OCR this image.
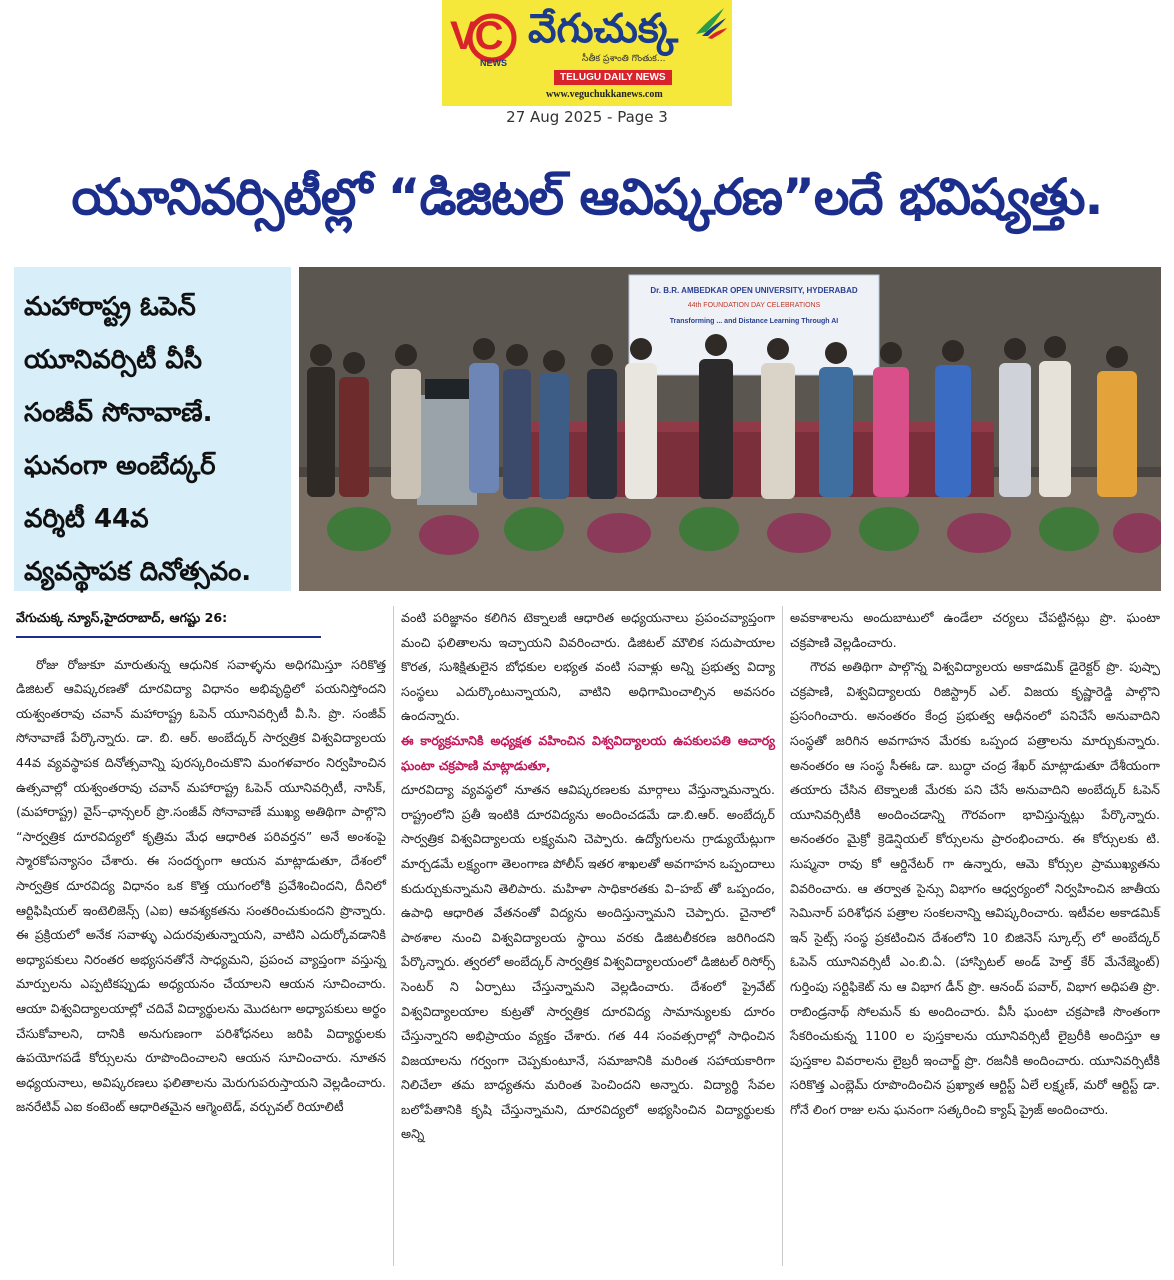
VC
NEWS
వేగుచుక్క
సీతీక ప్రశాంతి గొంతుక...
TELUGU DAILY NEWS
www.veguchukkanews.com
27 Aug 2025 - Page 3
యూనివర్సిటీల్లో “డిజిటల్ ఆవిష్కరణ”లదే భవిష్యత్తు.

మహారాష్ట్ర ఓపెన్

యూనివర్సిటీ వీసీ

సంజీవ్ సోనావాణే.

ఘనంగా అంబేద్కర్

వర్శిటీ 44వ

వ్యవస్థాపక దినోత్సవం.

Dr. B.R. AMBEDKAR OPEN UNIVERSITY, HYDERABAD
44th FOUNDATION DAY CELEBRATIONS
Transforming ... and Distance Learning Through AI

వేగుచుక్క న్యూస్,హైదరాబాద్, ఆగష్టు 26:

రోజు రోజుకూ మారుతున్న ఆధునిక సవాళ్ళను అధిగమిస్తూ సరికొత్త డిజిటల్ ఆవిష్కరణతో దూరవిద్యా విధానం అభివృద్ధిలో పయనిస్తోందని యశ్వంతరావు చవాన్ మహారాష్ట్ర ఓపెన్ యూనివర్సిటీ వీ.సి. ప్రొ. సంజీవ్ సోనావాణే పేర్కొన్నారు. డా. బి. ఆర్. అంబేద్కర్ సార్వత్రిక విశ్వవిద్యాలయ 44వ వ్యవస్థాపక దినోత్సవాన్ని పురస్కరించుకొని మంగళవారం నిర్వహించిన ఉత్సవాల్లో యశ్వంతరావు చవాన్ మహారాష్ట్ర ఓపెన్ యూనివర్సిటీ, నాసిక్, (మహారాష్ట్ర) వైస్–ఛాన్సలర్ ప్రొ.సంజీవ్ సోనావాణే ముఖ్య అతిథిగా పాల్గొని “సార్వత్రిక దూరవిద్యలో కృత్రిమ మేధ ఆధారిత పరివర్తన” అనే అంశంపై స్మారకోపన్యాసం చేశారు. ఈ సందర్భంగా ఆయన మాట్లాడుతూ, దేశంలో సార్వత్రిక దూరవిద్య విధానం ఒక కొత్త యుగంలోకి ప్రవేశించిందని, దీనిలో ఆర్టిఫిషియల్ ఇంటెలిజెన్స్ (ఎఐ) ఆవశ్యకతను సంతరించుకుందని ప్రొన్నారు. ఈ ప్రక్రియలో అనేక సవాళ్ళు ఎదురవుతున్నాయని, వాటిని ఎదుర్కోవడానికి అధ్యాపకులు నిరంతర అభ్యసనతోనే సాధ్యమని, ప్రపంచ వ్యాప్తంగా వస్తున్న మార్పులను ఎప్పటికప్పుడు అధ్యయనం చేయాలని ఆయన సూచించారు. ఆయా విశ్వవిద్యాలయాల్లో చదివే విద్యార్థులను మొదటగా అధ్యాపకులు అర్థం చేసుకోవాలని, దానికి అనుగుణంగా పరిశోధనలు జరిపి విద్యార్థులకు ఉపయోగపడే కోర్సులను రూపొందించాలని ఆయన సూచించారు. నూతన అధ్యయనాలు, అవిష్కరణలు ఫలితాలను మెరుగుపరుస్తాయని వెల్లడించారు. జనరేటివ్ ఎఐ కంటెంట్ ఆధారితమైన ఆగ్మెంటెడ్, వర్చువల్ రియాలిటీ

వంటి పరిజ్ఞానం కలిగిన టెక్నాలజీ ఆధారిత అధ్యయనాలు ప్రపంచవ్యాప్తంగా మంచి ఫలితాలను ఇచ్చాయని వివరించారు. డిజిటల్ మౌలిక సదుపాయాల కొరత, సుశిక్షితులైన బోధకుల లభ్యత వంటి సవాళ్లు అన్ని ప్రభుత్వ విద్యా సంస్థలు ఎదుర్కొంటున్నాయని, వాటిని అధిగామించాల్సిన అవసరం ఉందన్నారు.

ఈ కార్యక్రమానికి అధ్యక్షత వహించిన విశ్వవిద్యాలయ ఉపకులపతి ఆచార్య ఘంటా చక్రపాణి మాట్లాడుతూ,

దూరవిద్యా వ్యవస్థలో నూతన ఆవిష్కరణలకు మార్గాలు వేస్తున్నామన్నారు. రాష్ట్రంలోని ప్రతీ ఇంటికి దూరవిద్యను అందించడమే డా.బి.ఆర్. అంబేద్కర్ సార్వత్రిక విశ్వవిద్యాలయ లక్ష్యమని చెప్పారు. ఉద్యోగులను గ్రాడ్యుయేట్లుగా మార్చడమే లక్ష్యంగా తెలంగాణ పోలీస్ ఇతర శాఖలతో అవగాహన ఒప్పందాలు కుదుర్చుకున్నామని తెలిపారు. మహిళా సాధికారతకు వి–హబ్ తో ఒప్పందం, ఉపాధి ఆధారిత వేతనంతో విద్యను అందిస్తున్నామని చెప్పారు. చైనాలో పాఠశాల నుంచి విశ్వవిద్యాలయ స్థాయి వరకు డిజిటలీకరణ జరిగిందని పేర్కొన్నారు. త్వరలో అంబేద్కర్ సార్వత్రిక విశ్వవిద్యాలయంలో డిజిటల్ రిసోర్స్ సెంటర్ ని ఏర్పాటు చేస్తున్నామని వెల్లడించారు. దేశంలో ప్రైవేట్ విశ్వవిద్యాలయాల కుట్రతో సార్వత్రిక దూరవిద్య సామాన్యులకు దూరం చేస్తున్నారని అభిప్రాయం వ్యక్తం చేశారు. గత 44 సంవత్సరాల్లో సాధించిన విజయాలను గర్వంగా చెప్పకుంటూనే, సమాజానికి మరింత సహాయకారిగా నిలిచేలా తమ బాధ్యతను మరింత పెంచిందని అన్నారు. విద్యార్థి సేవల బలోపేతానికి కృషి చేస్తున్నామని, దూరవిద్యలో అభ్యసించిన విద్యార్థులకు అన్ని

అవకాశాలను అందుబాటులో ఉండేలా చర్యలు చేపట్టినట్లు ప్రొ. ఘంటా చక్రపాణి వెల్లడించారు.

గౌరవ అతిథిగా పాల్గొన్న విశ్వవిద్యాలయ అకాడమిక్ డైరెక్టర్ ప్రొ. పుష్పా చక్రపాణి, విశ్వవిద్యాలయ రిజిస్ట్రార్ ఎల్. విజయ కృష్ణారెడ్డి పాల్గొని ప్రసంగించారు. అనంతరం కేంద్ర ప్రభుత్వ ఆధీనంలో పనిచేసే అనువాదిని సంస్థతో జరిగిన అవగాహన మేరకు ఒప్పంద పత్రాలను మార్చుకున్నారు. అనంతరం ఆ సంస్థ సీఈఓ డా. బుద్ధా చంద్ర శేఖర్ మాట్లాడుతూ దేశీయంగా తయారు చేసిన టెక్నాలజీ మేరకు పని చేసే అనువాదిని అంబేద్కర్ ఓపెన్ యూనివర్సిటీకి అందించడాన్ని గౌరవంగా భావిస్తున్నట్లు పేర్కొన్నారు. అనంతరం మైక్రో క్రెడెన్షియల్ కోర్సులను ప్రారంభించారు. ఈ కోర్సులకు టి. సుష్మనా రావు కో ఆర్డినేటర్ గా ఉన్నారు, ఆమె కోర్సుల ప్రాముఖ్యతను వివరించారు. ఆ తర్వాత సైన్సు విభాగం ఆధ్వర్యంలో నిర్వహించిన జాతీయ సెమినార్ పరిశోధన పత్రాల సంకలనాన్ని ఆవిష్కరించారు. ఇటీవల అకాడమిక్ ఇన్ సైట్స్ సంస్థ ప్రకటించిన దేశంలోని 10 బిజినెస్ స్కూల్స్ లో అంబేద్కర్ ఓపెన్ యూనివర్సిటీ ఎం.బి.ఏ. (హాస్పిటల్ అండ్ హెల్త్ కేర్ మేనేజ్మెంట్) గుర్తింపు సర్టిఫికెట్ ను ఆ విభాగ డీన్ ప్రొ. ఆనంద్ పవార్, విభాగ అధిపతి ప్రొ. రాబిండ్రనాథ్ సోలమన్ కు అందించారు. వీసీ ఘంటా చక్రపాణి సొంతంగా సేకరించుకున్న 1100 ల పుస్తకాలను యూనివర్సిటీ లైబ్రరీకి అందిస్తూ ఆ పుస్తకాల వివరాలను లైబ్రరీ ఇంచార్జ్ ప్రొ. రజనీకి అందించారు. యూనివర్సిటీకి సరికొత్త ఎంబ్లెమ్ రూపొందించిన ప్రఖ్యాత ఆర్టిస్ట్ ఏలే లక్ష్మణ్, మరో ఆర్టిస్ట్ డా. గోనే లింగ రాజు లను ఘనంగా సత్కరించి క్యాష్ ప్రైజ్ అందించారు.
